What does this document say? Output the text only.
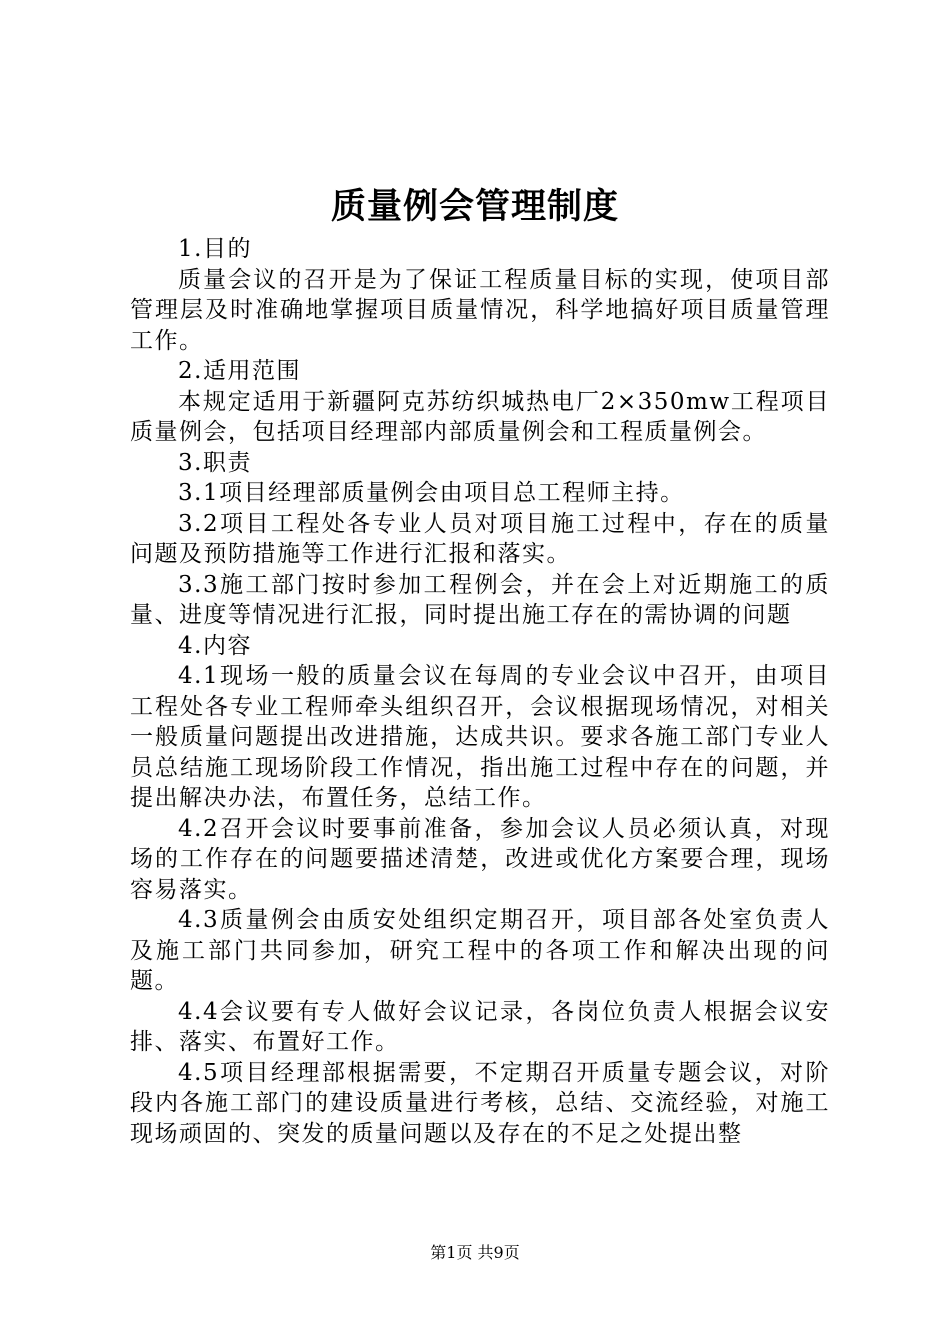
质量例会管理制度

1.目的

质量会议的召开是为了保证工程质量目标的实现，使项目部管理层及时准确地掌握项目质量情况，科学地搞好项目质量管理工作。

2.适用范围

本规定适用于新疆阿克苏纺织城热电厂2×350mw工程项目质量例会，包括项目经理部内部质量例会和工程质量例会。

3.职责

3.1项目经理部质量例会由项目总工程师主持。

3.2项目工程处各专业人员对项目施工过程中，存在的质量问题及预防措施等工作进行汇报和落实。

3.3施工部门按时参加工程例会，并在会上对近期施工的质量、进度等情况进行汇报，同时提出施工存在的需协调的问题

4.内容

4.1现场一般的质量会议在每周的专业会议中召开，由项目工程处各专业工程师牵头组织召开，会议根据现场情况，对相关一般质量问题提出改进措施，达成共识。要求各施工部门专业人员总结施工现场阶段工作情况，指出施工过程中存在的问题，并提出解决办法，布置任务，总结工作。

4.2召开会议时要事前准备，参加会议人员必须认真，对现场的工作存在的问题要描述清楚，改进或优化方案要合理，现场容易落实。

4.3质量例会由质安处组织定期召开，项目部各处室负责人及施工部门共同参加，研究工程中的各项工作和解决出现的问题。

4.4会议要有专人做好会议记录，各岗位负责人根据会议安排、落实、布置好工作。

4.5项目经理部根据需要，不定期召开质量专题会议，对阶段内各施工部门的建设质量进行考核，总结、交流经验，对施工现场顽固的、突发的质量问题以及存在的不足之处提出整

第1页 共9页
